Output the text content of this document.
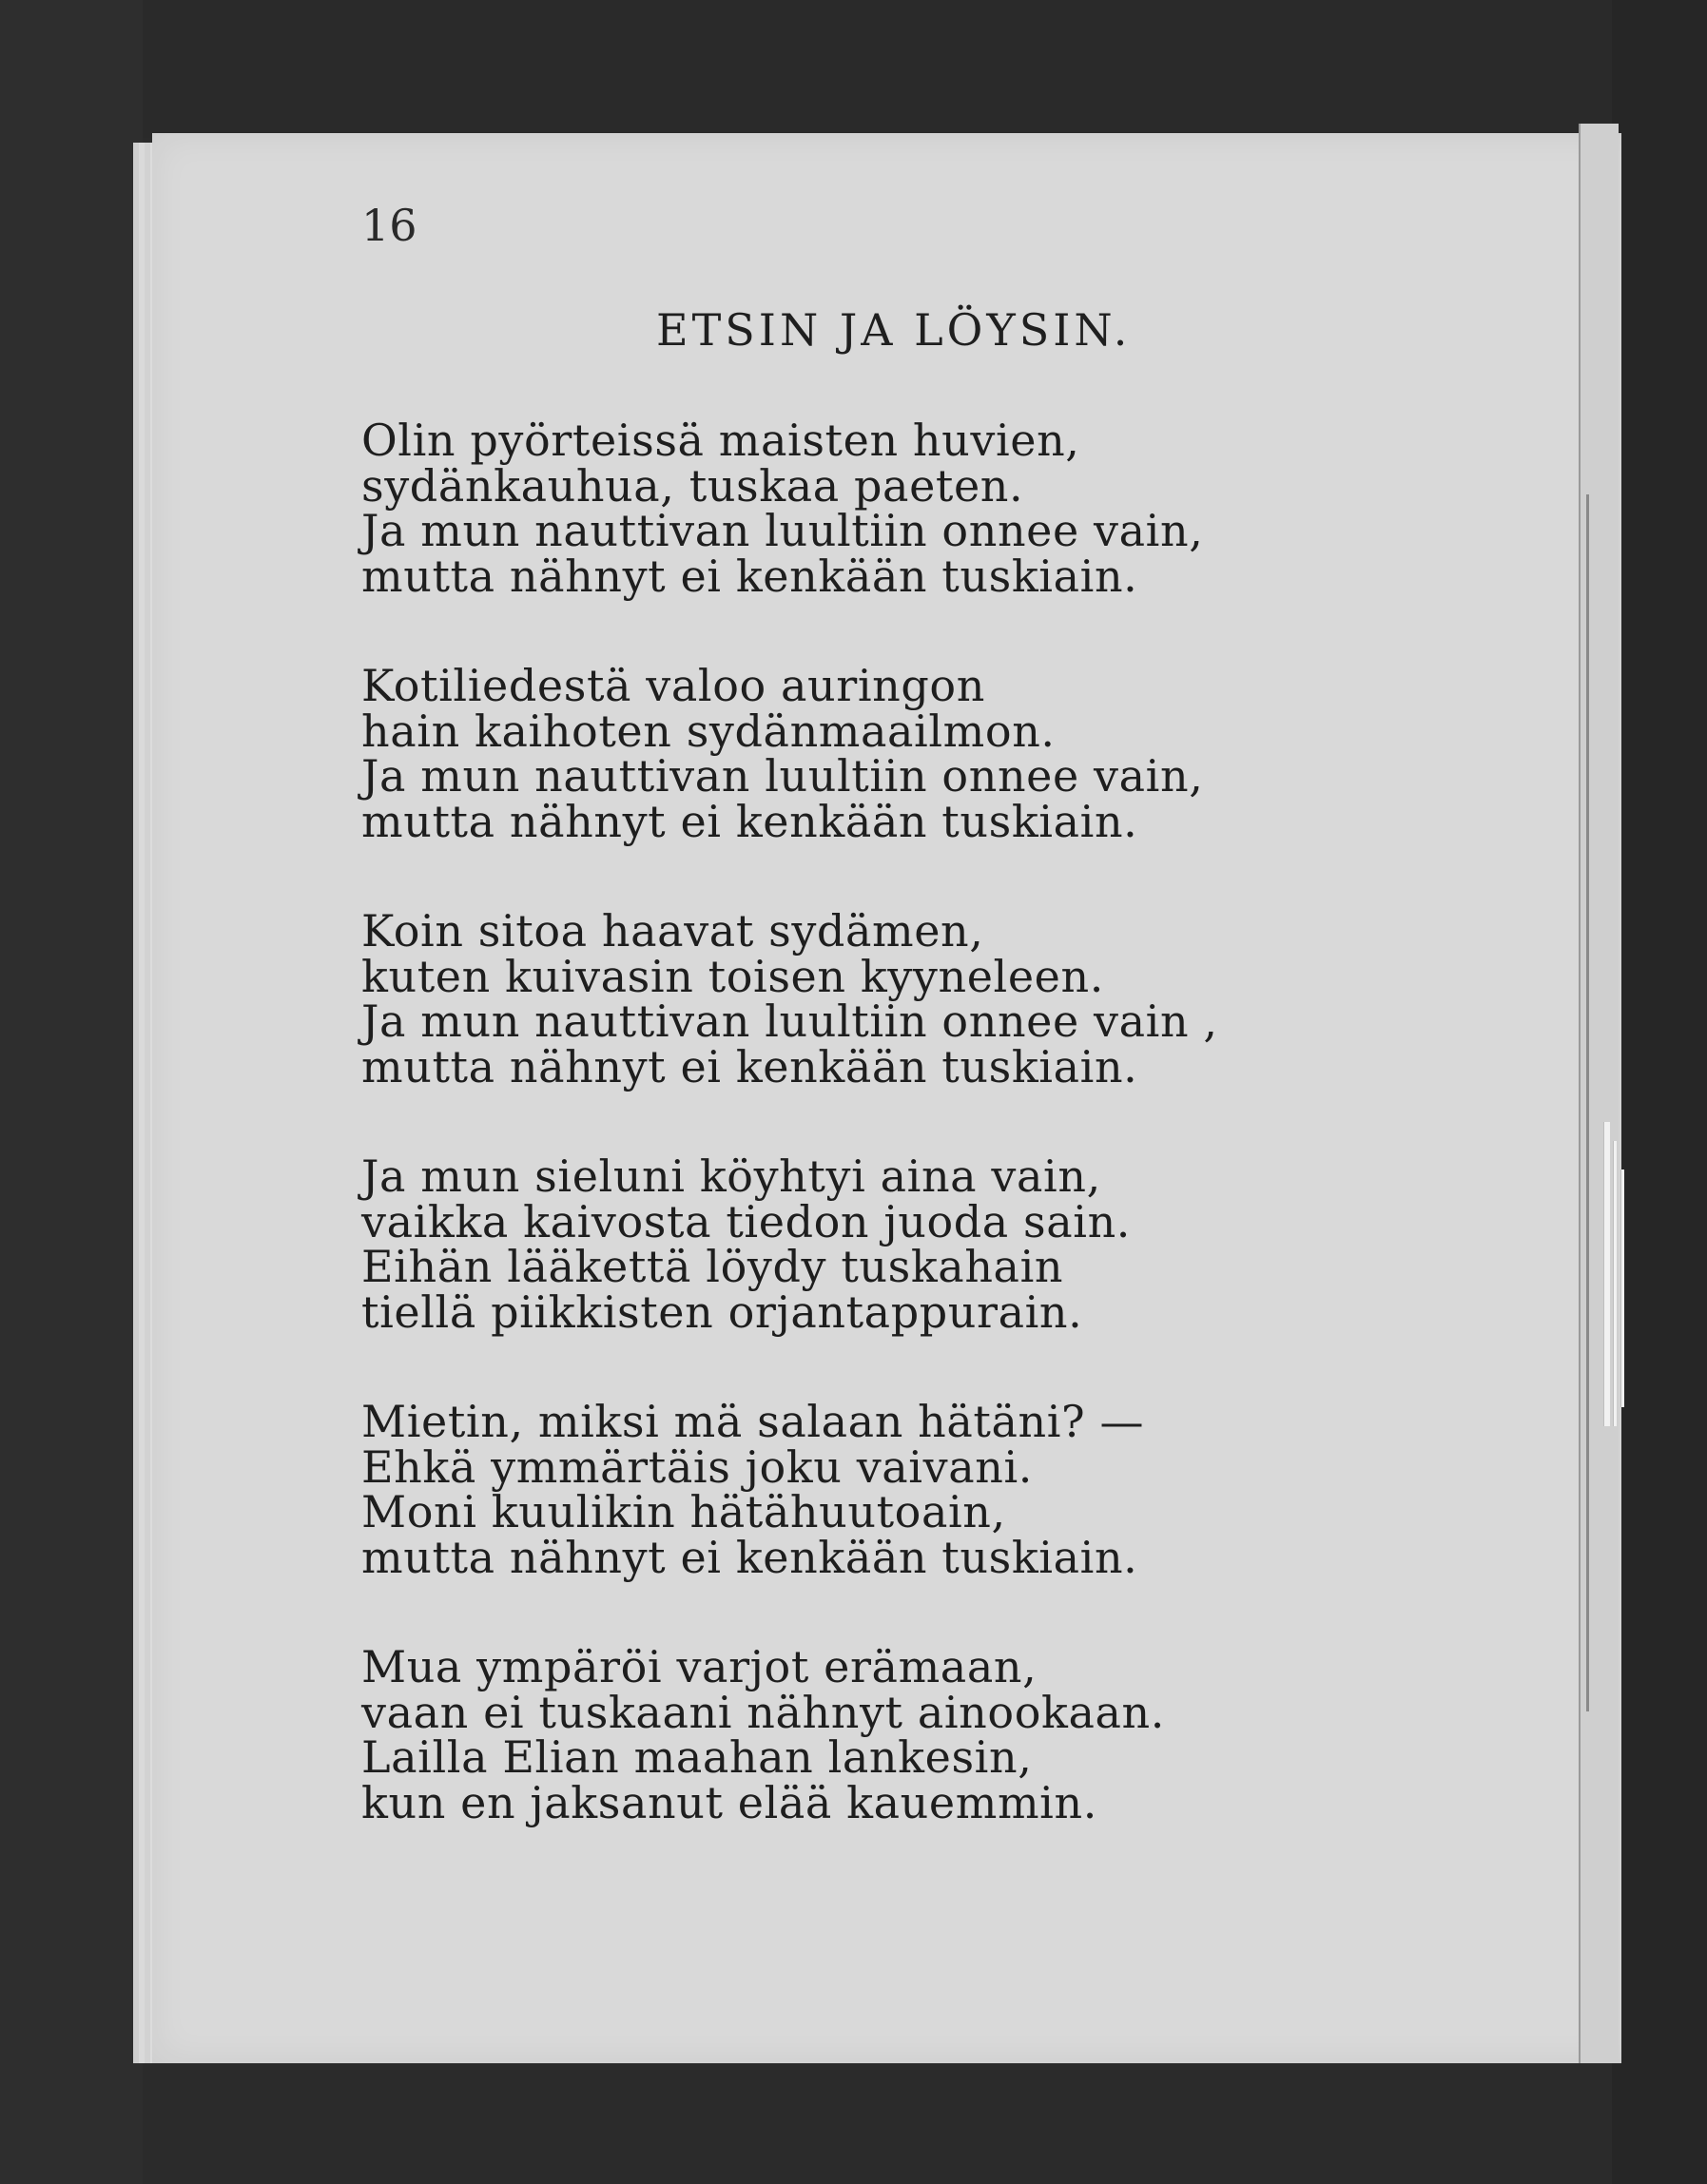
16
ETSIN JA LÖYSIN.
Olin pyörteissä maisten huvien,
sydänkauhua, tuskaa paeten.
Ja mun nauttivan luultiin onnee vain,
mutta nähnyt ei kenkään tuskiain.
Kotiliedestä valoo auringon
hain kaihoten sydänmaailmon.
Ja mun nauttivan luultiin onnee vain,
mutta nähnyt ei kenkään tuskiain.
Koin sitoa haavat sydämen,
kuten kuivasin toisen kyyneleen.
Ja mun nauttivan luultiin onnee vain ,
mutta nähnyt ei kenkään tuskiain.
Ja mun sieluni köyhtyi aina vain,
vaikka kaivosta tiedon juoda sain.
Eihän lääkettä löydy tuskahain
tiellä piikkisten orjantappurain.
Mietin, miksi mä salaan hätäni? —
Ehkä ymmärtäis joku vaivani.
Moni kuulikin hätähuutoain,
mutta nähnyt ei kenkään tuskiain.
Mua ympäröi varjot erämaan,
vaan ei tuskaani nähnyt ainookaan.
Lailla Elian maahan lankesin,
kun en jaksanut elää kauemmin.
